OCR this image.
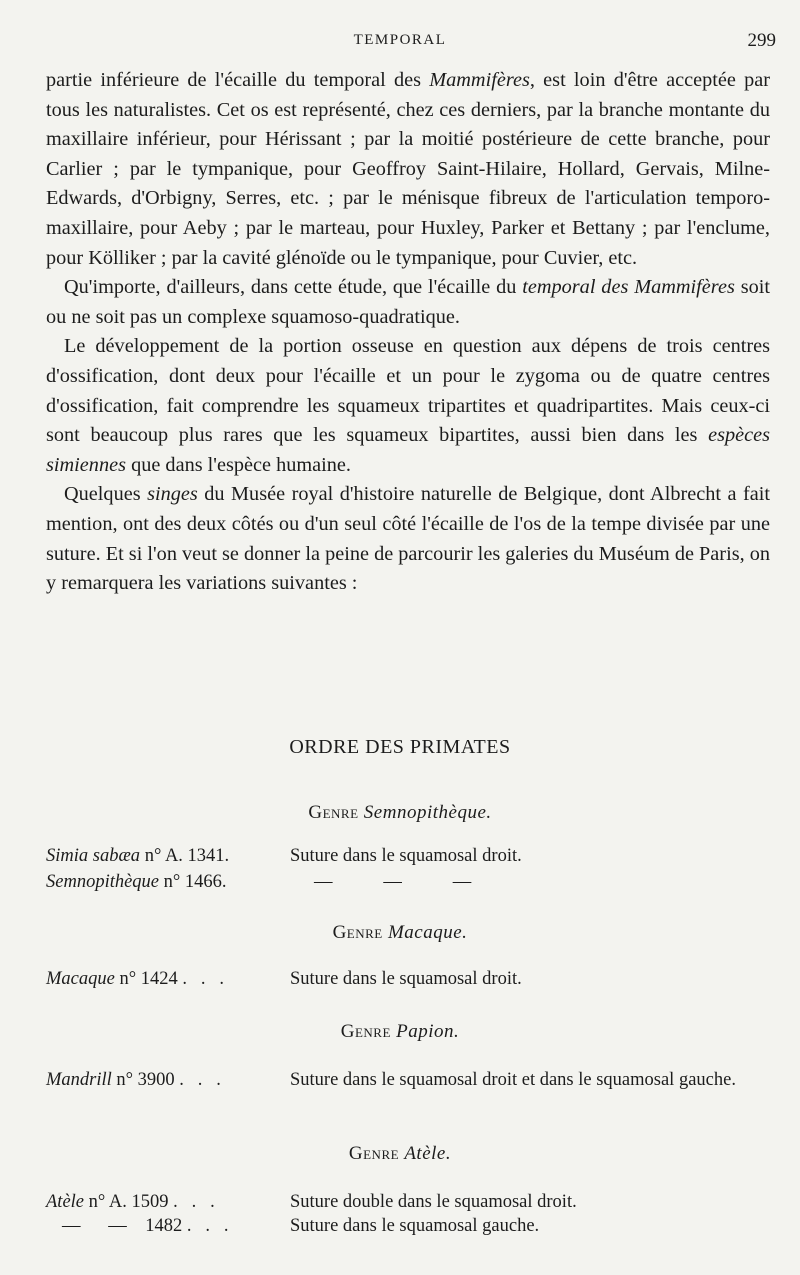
TEMPORAL	299

partie inférieure de l'écaille du temporal des Mammifères, est loin d'être acceptée par tous les naturalistes. Cet os est représenté, chez ces derniers, par la branche montante du maxillaire inférieur, pour Hérissant ; par la moitié postérieure de cette branche, pour Carlier ; par le tympanique, pour Geoffroy Saint-Hilaire, Hollard, Gervais, Milne-Edwards, d'Orbigny, Serres, etc. ; par le ménisque fibreux de l'articulation temporo-maxillaire, pour Aeby ; par le marteau, pour Huxley, Parker et Bettany ; par l'enclume, pour Kölliker ; par la cavité glénoïde ou le tympanique, pour Cuvier, etc.

Qu'importe, d'ailleurs, dans cette étude, que l'écaille du temporal des Mammifères soit ou ne soit pas un complexe squamoso-quadratique.

Le développement de la portion osseuse en question aux dépens de trois centres d'ossification, dont deux pour l'écaille et un pour le zygoma ou de quatre centres d'ossification, fait comprendre les squameux tripartites et quadripartites. Mais ceux-ci sont beaucoup plus rares que les squameux bipartites, aussi bien dans les espèces simiennes que dans l'espèce humaine.

Quelques singes du Musée royal d'histoire naturelle de Belgique, dont Albrecht a fait mention, ont des deux côtés ou d'un seul côté l'écaille de l'os de la tempe divisée par une suture. Et si l'on veut se donner la peine de parcourir les galeries du Muséum de Paris, on y remarquera les variations suivantes :

ORDRE DES PRIMATES
Genre Semnopithèque.
Simia sabæa n° A. 1341.	Suture dans le squamosal droit.
Semnopithèque n° 1466.	—           —           —
Genre Macaque.
Macaque n° 1424 .   .   .	Suture dans le squamosal droit.
Genre Papion.
Mandrill n° 3900 .   .   .	Suture dans le squamosal droit et dans le squamosal gauche.
Genre Atèle.
Atèle n° A. 1509 .   .   .	Suture double dans le squamosal droit.
—      —    1482 .   .   .	Suture dans le squamosal gauche.
